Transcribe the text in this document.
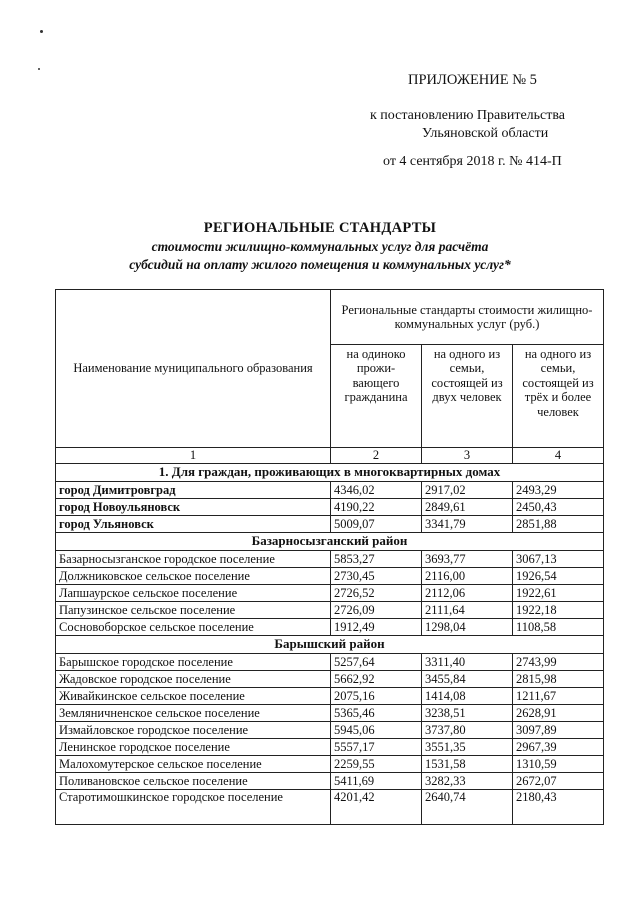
ПРИЛОЖЕНИЕ № 5
к постановлению Правительства
Ульяновской области
от 4 сентября 2018 г. № 414-П
РЕГИОНАЛЬНЫЕ СТАНДАРТЫ
стоимости жилищно-коммунальных услуг для расчёта
субсидий на оплату жилого помещения и коммунальных услуг*
Наименование муниципального образования	Региональные стандарты стоимости жилищно-коммунальных услуг (руб.)		
	на одиноко прожи-вающего гражданина	на одного из семьи, состоящей из двух человек	на одного из семьи, состоящей из трёх и более человек
1	2	3	4
1. Для граждан, проживающих в многоквартирных домах			
город Димитровград	4346,02	2917,02	2493,29
город Новоульяновск	4190,22	2849,61	2450,43
город Ульяновск	5009,07	3341,79	2851,88
Базарносызганский район			
Базарносызганское городское поселение	5853,27	3693,77	3067,13
Должниковское сельское поселение	2730,45	2116,00	1926,54
Лапшаурское сельское поселение	2726,52	2112,06	1922,61
Папузинское сельское поселение	2726,09	2111,64	1922,18
Сосновоборское сельское поселение	1912,49	1298,04	1108,58
Барышский район			
Барышское городское поселение	5257,64	3311,40	2743,99
Жадовское городское поселение	5662,92	3455,84	2815,98
Живайкинское сельское поселение	2075,16	1414,08	1211,67
Земляничненское сельское поселение	5365,46	3238,51	2628,91
Измайловское городское поселение	5945,06	3737,80	3097,89
Ленинское городское поселение	5557,17	3551,35	2967,39
Малохомутерское сельское поселение	2259,55	1531,58	1310,59
Поливановское сельское поселение	5411,69	3282,33	2672,07
Старотимошкинское городское поселение	4201,42	2640,74	2180,43
